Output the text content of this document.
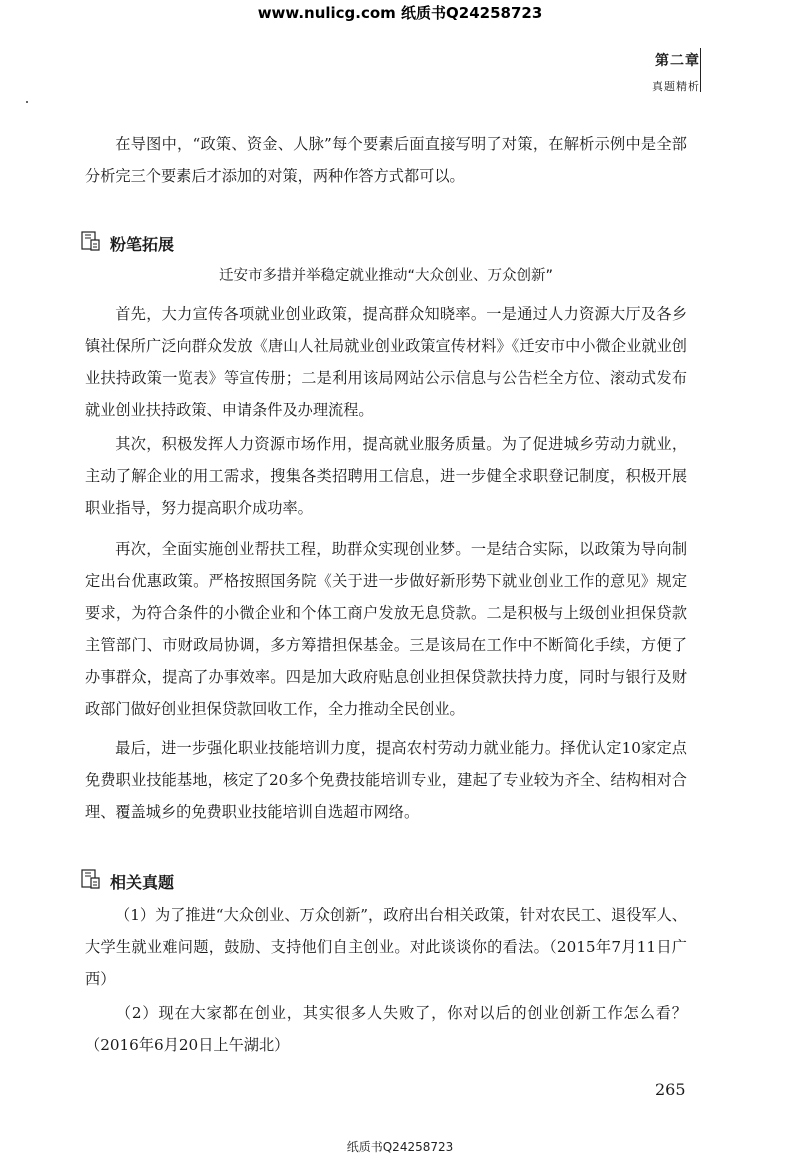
www.nulicg.com 纸质书Q24258723
第二章
真题精析
在导图中，“政策、资金、人脉”每个要素后面直接写明了对策，在解析示例中是全部分析完三个要素后才添加的对策，两种作答方式都可以。
粉笔拓展
迁安市多措并举稳定就业推动“大众创业、万众创新”
首先，大力宣传各项就业创业政策，提高群众知晓率。一是通过人力资源大厅及各乡镇社保所广泛向群众发放《唐山人社局就业创业政策宣传材料》《迁安市中小微企业就业创业扶持政策一览表》等宣传册；二是利用该局网站公示信息与公告栏全方位、滚动式发布就业创业扶持政策、申请条件及办理流程。
其次，积极发挥人力资源市场作用，提高就业服务质量。为了促进城乡劳动力就业，主动了解企业的用工需求，搜集各类招聘用工信息，进一步健全求职登记制度，积极开展职业指导，努力提高职介成功率。
再次，全面实施创业帮扶工程，助群众实现创业梦。一是结合实际，以政策为导向制定出台优惠政策。严格按照国务院《关于进一步做好新形势下就业创业工作的意见》规定要求，为符合条件的小微企业和个体工商户发放无息贷款。二是积极与上级创业担保贷款主管部门、市财政局协调，多方筹措担保基金。三是该局在工作中不断简化手续，方便了办事群众，提高了办事效率。四是加大政府贴息创业担保贷款扶持力度，同时与银行及财政部门做好创业担保贷款回收工作，全力推动全民创业。
最后，进一步强化职业技能培训力度，提高农村劳动力就业能力。择优认定10家定点免费职业技能基地，核定了20多个免费技能培训专业，建起了专业较为齐全、结构相对合理、覆盖城乡的免费职业技能培训自选超市网络。
相关真题
（1）为了推进“大众创业、万众创新”，政府出台相关政策，针对农民工、退役军人、大学生就业难问题，鼓励、支持他们自主创业。对此谈谈你的看法。（2015年7月11日广西）
（2）现在大家都在创业，其实很多人失败了，你对以后的创业创新工作怎么看？（2016年6月20日上午湖北）
265
纸质书Q24258723
